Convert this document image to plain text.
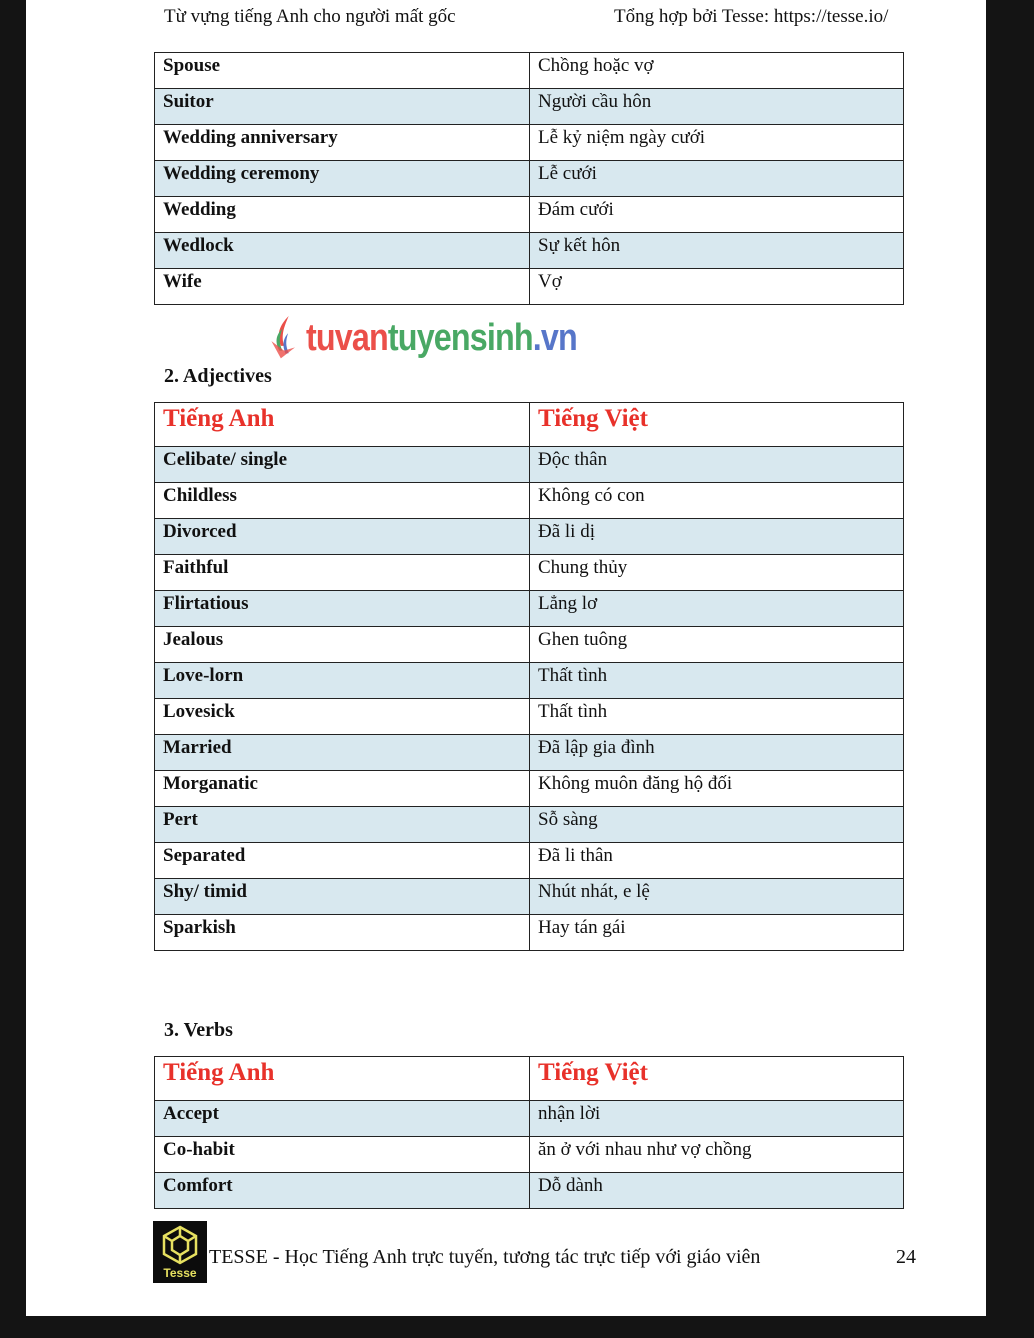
Từ vựng tiếng Anh cho người mất gốc	Tổng hợp bởi Tesse: https://tesse.io/
Spouse	Chồng hoặc vợ
Suitor	Người cầu hôn
Wedding anniversary	Lễ kỷ niệm ngày cưới
Wedding ceremony	Lễ cưới
Wedding	Đám cưới
Wedlock	Sự kết hôn
Wife	Vợ
tuvantuyensinh.vn
2. Adjectives
Tiếng Anh	Tiếng Việt
Celibate/ single	Độc thân
Childless	Không có con
Divorced	Đã li dị
Faithful	Chung thủy
Flirtatious	Lẳng lơ
Jealous	Ghen tuông
Love-lorn	Thất tình
Lovesick	Thất tình
Married	Đã lập gia đình
Morganatic	Không muôn đăng hộ đối
Pert	Sỗ sàng
Separated	Đã li thân
Shy/ timid	Nhút nhát, e lệ
Sparkish	Hay tán gái
3. Verbs
Tiếng Anh	Tiếng Việt
Accept	nhận lời
Co-habit	ăn ở với nhau như vợ chồng
Comfort	Dỗ dành
Tesse
TESSE - Học Tiếng Anh trực tuyến, tương tác trực tiếp với giáo viên	24
